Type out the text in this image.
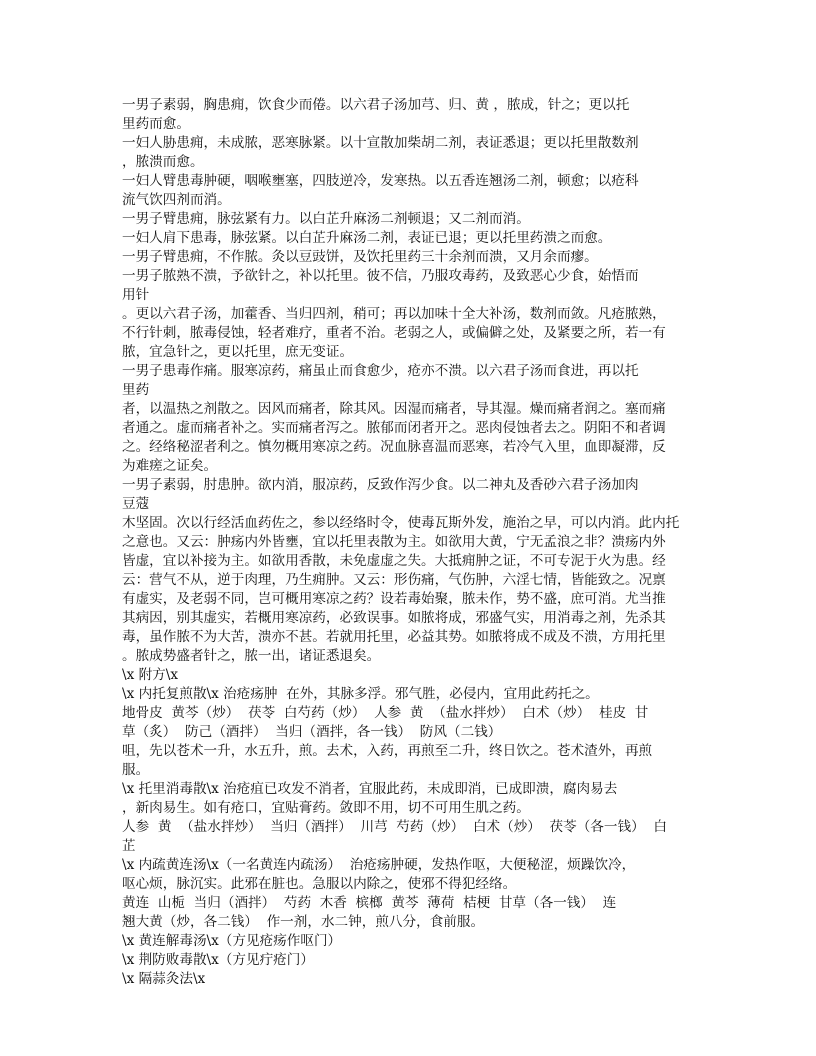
一男子素弱，胸患痈，饮食少而倦。以六君子汤加芎、归、黄 ，脓成，针之；更以托
里药而愈。
一妇人胁患痈，未成脓，恶寒脉紧。以十宣散加柴胡二剂，表证悉退；更以托里散数剂
，脓溃而愈。
一妇人臂患毒肿硬，咽喉壅塞，四肢逆冷，发寒热。以五香连翘汤二剂，顿愈；以疮科
流气饮四剂而消。
一男子臂患痈，脉弦紧有力。以白芷升麻汤二剂顿退；又二剂而消。
一妇人肩下患毒，脉弦紧。以白芷升麻汤二剂，表证已退；更以托里药溃之而愈。
一男子臂患痈，不作脓。灸以豆豉饼，及饮托里药三十余剂而溃，又月余而瘳。
一男子脓熟不溃，予欲针之，补以托里。彼不信，乃服攻毒药，及致恶心少食，始悟而
用针
。更以六君子汤，加藿香、当归四剂，稍可；再以加味十全大补汤，数剂而敛。凡疮脓熟，
不行针刺，脓毒侵蚀，轻者难疗，重者不治。老弱之人，或偏僻之处，及紧要之所，若一有
脓，宜急针之，更以托里，庶无变证。
一男子患毒作痛。服寒凉药，痛虽止而食愈少，疮亦不溃。以六君子汤而食进，再以托
里药
者，以温热之剂散之。因风而痛者，除其风。因湿而痛者，导其湿。燥而痛者润之。塞而痛
者通之。虚而痛者补之。实而痛者泻之。脓郁而闭者开之。恶肉侵蚀者去之。阴阳不和者调
之。经络秘涩者利之。慎勿概用寒凉之药。况血脉喜温而恶寒，若冷气入里，血即凝滞，反
为难瘥之证矣。
一男子素弱，肘患肿。欲内消，服凉药，反致作泻少食。以二神丸及香砂六君子汤加肉
豆蔻
木坚固。次以行经活血药佐之，参以经络时令，使毒瓦斯外发，施治之早，可以内消。此内托
之意也。又云：肿疡内外皆壅，宜以托里表散为主。如欲用大黄，宁无孟浪之非？溃疡内外
皆虚，宜以补接为主。如欲用香散，未免虚虚之失。大抵痈肿之证，不可专泥于火为患。经
云：营气不从，逆于肉理，乃生痈肿。又云：形伤痛，气伤肿，六淫七情，皆能致之。况禀
有虚实，及老弱不同，岂可概用寒凉之药？设若毒始聚，脓未作，势不盛，庶可消。尤当推
其病因，别其虚实，若概用寒凉药，必致误事。如脓将成，邪盛气实，用消毒之剂，先杀其
毒，虽作脓不为大苦，溃亦不甚。若就用托里，必益其势。如脓将成不成及不溃，方用托里
。脓成势盛者针之，脓一出，诸证悉退矣。
\x 附方\x
\x 内托复煎散\x 治疮疡肿  在外，其脉多浮。邪气胜，必侵内，宜用此药托之。
地骨皮  黄芩（炒）  茯苓  白芍药（炒）  人参  黄  （盐水拌炒）  白术（炒）  桂皮  甘
草（炙）  防己（酒拌）  当归（酒拌，各一钱）  防风（二钱）
咀，先以苍术一升，水五升，煎。去术，入药，再煎至二升，终日饮之。苍术渣外，再煎
服。
\x 托里消毒散\x 治疮疽已攻发不消者，宜服此药，未成即消，已成即溃，腐肉易去
，新肉易生。如有疮口，宜贴膏药。敛即不用，切不可用生肌之药。
人参  黄  （盐水拌炒）  当归（酒拌）  川芎  芍药（炒）  白术（炒）  茯苓（各一钱）  白
芷
\x 内疏黄连汤\x（一名黄连内疏汤）  治疮疡肿硬，发热作呕，大便秘涩，烦躁饮冷，
呕心烦，脉沉实。此邪在脏也。急服以内除之，使邪不得犯经络。
黄连  山栀  当归（酒拌）  芍药  木香  槟榔  黄芩  薄荷  桔梗  甘草（各一钱）  连
翘大黄（炒，各二钱）  作一剂，水二钟，煎八分，食前服。
\x 黄连解毒汤\x（方见疮疡作呕门）
\x 荆防败毒散\x（方见疔疮门）
\x 隔蒜灸法\x
